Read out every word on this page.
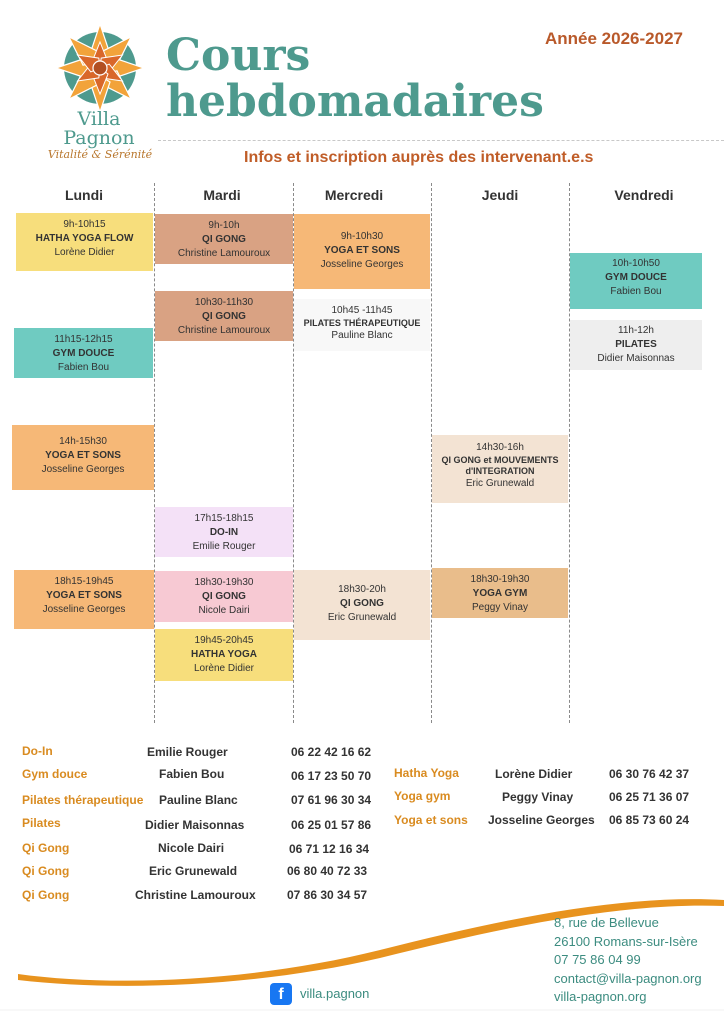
Villa
Pagnon
Vitalité & Sérénité
Cours
hebdomadaires
Année 2026-2027
Infos et inscription auprès des intervenant.e.s
Lundi	Mardi	Mercredi	Jeudi	Vendredi
9h-10h15
HATHA YOGA FLOW
Lorène Didier
11h15-12h15
GYM DOUCE
Fabien Bou
14h-15h30
YOGA ET SONS
Josseline Georges
18h15-19h45
YOGA ET SONS
Josseline Georges
9h-10h
QI GONG
Christine Lamouroux
10h30-11h30
QI GONG
Christine Lamouroux
17h15-18h15
DO-IN
Emilie Rouger
18h30-19h30
QI GONG
Nicole Dairi
19h45-20h45
HATHA YOGA
Lorène Didier
9h-10h30
YOGA ET SONS
Josseline Georges
10h45 -11h45
PILATES THÉRAPEUTIQUE
Pauline Blanc
18h30-20h
QI GONG
Eric Grunewald
14h30-16h
QI GONG et MOUVEMENTS
d'INTEGRATION
Eric Grunewald
18h30-19h30
YOGA GYM
Peggy Vinay
10h-10h50
GYM DOUCE
Fabien Bou
11h-12h
PILATES
Didier Maisonnas
Do-In	Emilie Rouger	06 22 42 16 62
Gym douce	Fabien Bou	06 17 23 50 70
Pilates thérapeutique Pauline Blanc	07 61 96 30 34
Pilates	Didier Maisonnas	06 25 01 57 86
Qi Gong	Nicole Dairi	06 71 12 16 34
Qi Gong	Eric Grunewald	06 80 40 72 33
Qi Gong	Christine Lamouroux	07 86 30 34 57
Hatha Yoga	Lorène Didier	06 30 76 42 37
Yoga gym	Peggy Vinay	06 25 71 36 07
Yoga et sons Josseline Georges 06 85 73 60 24
8, rue de Bellevue
26100 Romans-sur-Isère
07 75 86 04 99
contact@villa-pagnon.org
villa-pagnon.org
f	villa.pagnon
